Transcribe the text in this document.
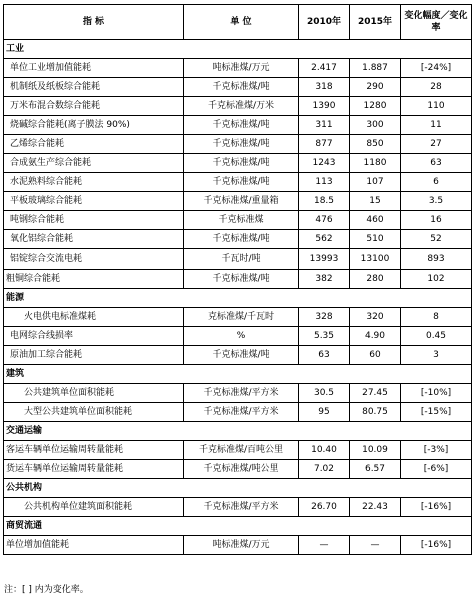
指 标	单 位	2010年	2015年	变化幅度／变化率
工业				
单位工业增加值能耗	吨标准煤/万元	2.417	1.887	[-24%]
机制纸及纸板综合能耗	千克标准煤/吨	318	290	28
万米布混合数综合能耗	千克标准煤/万米	1390	1280	110
烧碱综合能耗(离子膜法 90%)	千克标准煤/吨	311	300	11
乙烯综合能耗	千克标准煤/吨	877	850	27
合成氨生产综合能耗	千克标准煤/吨	1243	1180	63
水泥熟料综合能耗	千克标准煤/吨	113	107	6
平板玻璃综合能耗	千克标准煤/重量箱	18.5	15	3.5
吨钢综合能耗	千克标准煤	476	460	16
氧化铝综合能耗	千克标准煤/吨	562	510	52
铝锭综合交流电耗	千瓦时/吨	13993	13100	893
粗铜综合能耗	千克标准煤/吨	382	280	102
能源				
火电供电标准煤耗	克标准煤/千瓦时	328	320	8
电网综合线损率	%	5.35	4.90	0.45
原油加工综合能耗	千克标准煤/吨	63	60	3
建筑				
公共建筑单位面积能耗	千克标准煤/平方米	30.5	27.45	[-10%]
大型公共建筑单位面积能耗	千克标准煤/平方米	95	80.75	[-15%]
交通运输				
客运车辆单位运输周转量能耗	千克标准煤/百吨公里	10.40	10.09	[-3%]
货运车辆单位运输周转量能耗	千克标准煤/吨公里	7.02	6.57	[-6%]
公共机构				
公共机构单位建筑面积能耗	千克标准煤/平方米	26.70	22.43	[-16%]
商贸流通				
单位增加值能耗	吨标准煤/万元	—	—	[-16%]
注：[ ] 内为变化率。
